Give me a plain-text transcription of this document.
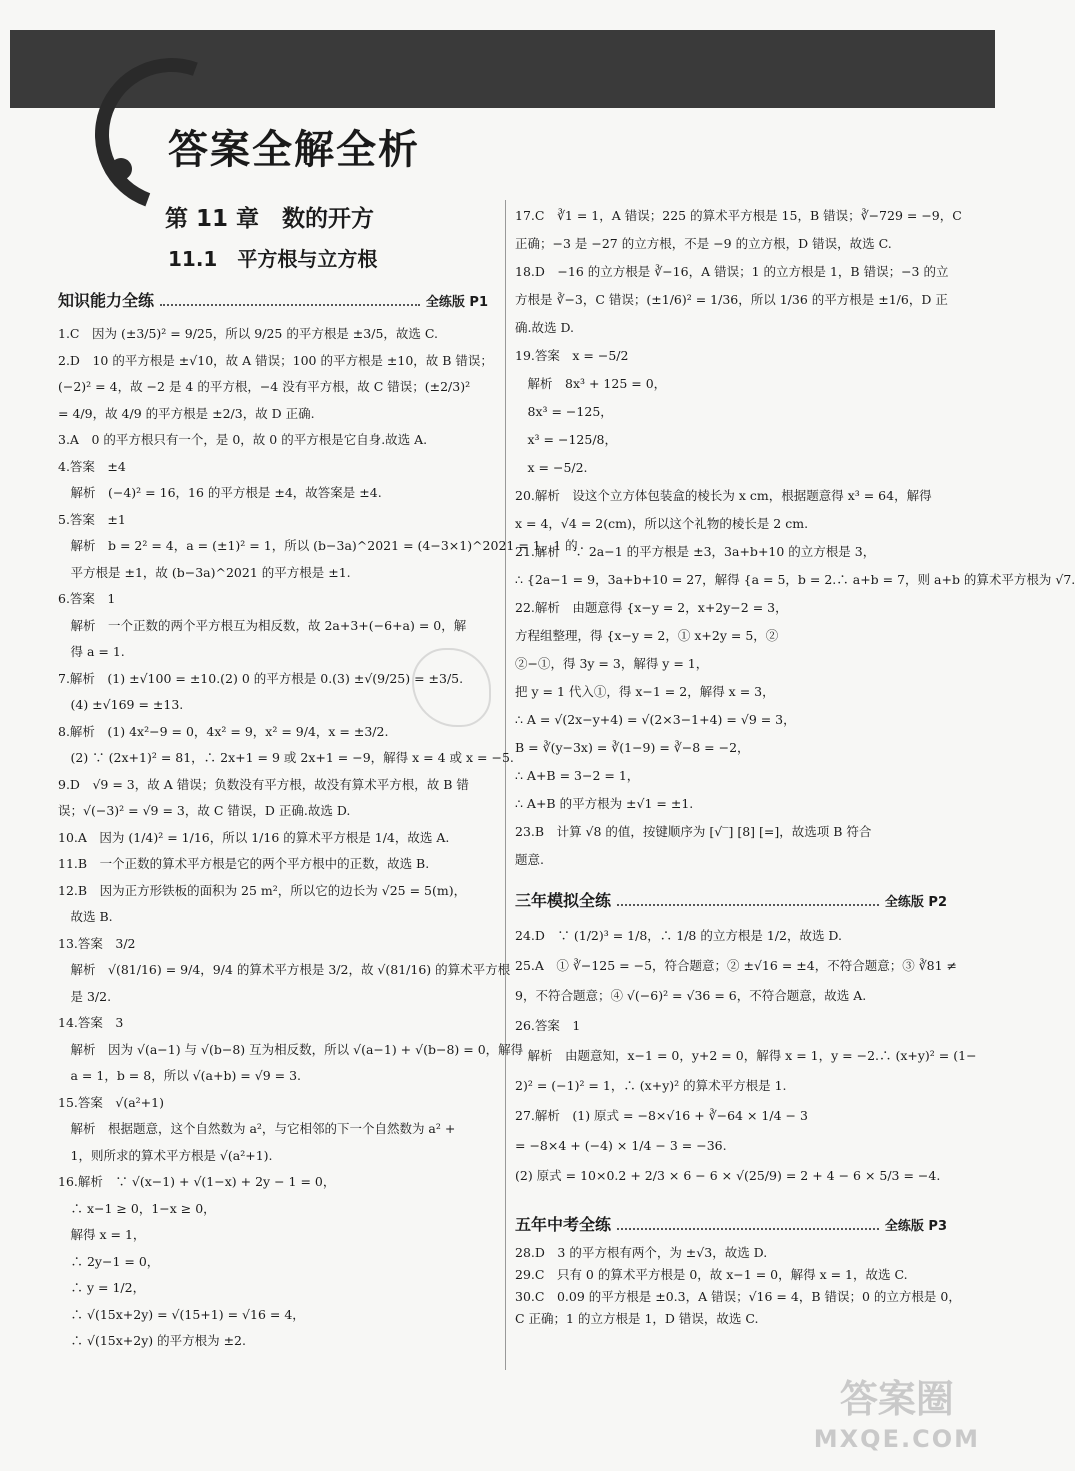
答案全解全析
第 11 章　数的开方
11.1　平方根与立方根
知识能力全练	全练版 P1
1.C　因为 (±3/5)² = 9/25，所以 9/25 的平方根是 ±3/5，故选 C.
2.D　10 的平方根是 ±√10，故 A 错误；100 的平方根是 ±10，故 B 错误；
(−2)² = 4，故 −2 是 4 的平方根，−4 没有平方根，故 C 错误；(±2/3)²
= 4/9，故 4/9 的平方根是 ±2/3，故 D 正确.
3.A　0 的平方根只有一个，是 0，故 0 的平方根是它自身.故选 A.
4.答案　±4
　解析　(−4)² = 16，16 的平方根是 ±4，故答案是 ±4.
5.答案　±1
　解析　b = 2² = 4，a = (±1)² = 1，所以 (b−3a)^2021 = (4−3×1)^2021 = 1，1 的
　平方根是 ±1，故 (b−3a)^2021 的平方根是 ±1.
6.答案　1
　解析　一个正数的两个平方根互为相反数，故 2a+3+(−6+a) = 0，解
　得 a = 1.
7.解析　(1) ±√100 = ±10.(2) 0 的平方根是 0.(3) ±√(9/25) = ±3/5.
　(4) ±√169 = ±13.
8.解析　(1) 4x²−9 = 0，4x² = 9，x² = 9/4，x = ±3/2.
　(2) ∵ (2x+1)² = 81，∴ 2x+1 = 9 或 2x+1 = −9，解得 x = 4 或 x = −5.
9.D　√9 = 3，故 A 错误；负数没有平方根，故没有算术平方根，故 B 错
误；√(−3)² = √9 = 3，故 C 错误，D 正确.故选 D.
10.A　因为 (1/4)² = 1/16，所以 1/16 的算术平方根是 1/4，故选 A.
11.B　一个正数的算术平方根是它的两个平方根中的正数，故选 B.
12.B　因为正方形铁板的面积为 25 m²，所以它的边长为 √25 = 5(m)，
　故选 B.
13.答案　3/2
　解析　√(81/16) = 9/4，9/4 的算术平方根是 3/2，故 √(81/16) 的算术平方根
　是 3/2.
14.答案　3
　解析　因为 √(a−1) 与 √(b−8) 互为相反数，所以 √(a−1) + √(b−8) = 0，解得
　a = 1，b = 8，所以 √(a+b) = √9 = 3.
15.答案　√(a²+1)
　解析　根据题意，这个自然数为 a²，与它相邻的下一个自然数为 a² +
　1，则所求的算术平方根是 √(a²+1).
16.解析　∵ √(x−1) + √(1−x) + 2y − 1 = 0，
　∴ x−1 ≥ 0，1−x ≥ 0，
　解得 x = 1，
　∴ 2y−1 = 0，
　∴ y = 1/2，
　∴ √(15x+2y) = √(15+1) = √16 = 4，
　∴ √(15x+2y) 的平方根为 ±2.
17.C　∛1 = 1，A 错误；225 的算术平方根是 15，B 错误；∛−729 = −9，C
正确；−3 是 −27 的立方根，不是 −9 的立方根，D 错误，故选 C.
18.D　−16 的立方根是 ∛−16，A 错误；1 的立方根是 1，B 错误；−3 的立
方根是 ∛−3，C 错误；(±1/6)² = 1/36，所以 1/36 的平方根是 ±1/6，D 正
确.故选 D.
19.答案　x = −5/2
　解析　8x³ + 125 = 0，
　8x³ = −125，
　x³ = −125/8，
　x = −5/2.
20.解析　设这个立方体包装盒的棱长为 x cm，根据题意得 x³ = 64，解得
x = 4，√4 = 2(cm)，所以这个礼物的棱长是 2 cm.
21.解析　∵ 2a−1 的平方根是 ±3，3a+b+10 的立方根是 3，
∴ {2a−1 = 9，3a+b+10 = 27，解得 {a = 5，b = 2.∴ a+b = 7，则 a+b 的算术平方根为 √7.
22.解析　由题意得 {x−y = 2，x+2y−2 = 3，
方程组整理，得 {x−y = 2，① x+2y = 5，②
②−①，得 3y = 3，解得 y = 1，
把 y = 1 代入①，得 x−1 = 2，解得 x = 3，
∴ A = √(2x−y+4) = √(2×3−1+4) = √9 = 3，
B = ∛(y−3x) = ∛(1−9) = ∛−8 = −2，
∴ A+B = 3−2 = 1，
∴ A+B 的平方根为 ±√1 = ±1.
23.B　计算 √8 的值，按键顺序为 [√‾] [8] [=]，故选项 B 符合
题意.
24.D　∵ (1/2)³ = 1/8，∴ 1/8 的立方根是 1/2，故选 D.
25.A　① ∛−125 = −5，符合题意；② ±√16 = ±4，不符合题意；③ ∛81 ≠
9，不符合题意；④ √(−6)² = √36 = 6，不符合题意，故选 A.
26.答案　1
　解析　由题意知，x−1 = 0，y+2 = 0，解得 x = 1，y = −2.∴ (x+y)² = (1−
2)² = (−1)² = 1，∴ (x+y)² 的算术平方根是 1.
27.解析　(1) 原式 = −8×√16 + ∛−64 × 1/4 − 3
= −8×4 + (−4) × 1/4 − 3 = −36.
(2) 原式 = 10×0.2 + 2/3 × 6 − 6 × √(25/9) = 2 + 4 − 6 × 5/3 = −4.
28.D　3 的平方根有两个，为 ±√3，故选 D.
29.C　只有 0 的算术平方根是 0，故 x−1 = 0，解得 x = 1，故选 C.
30.C　0.09 的平方根是 ±0.3，A 错误；√16 = 4，B 错误；0 的立方根是 0，
C 正确；1 的立方根是 1，D 错误，故选 C.
三年模拟全练	全练版 P2
五年中考全练	全练版 P3
答案圈
MXQE.COM
